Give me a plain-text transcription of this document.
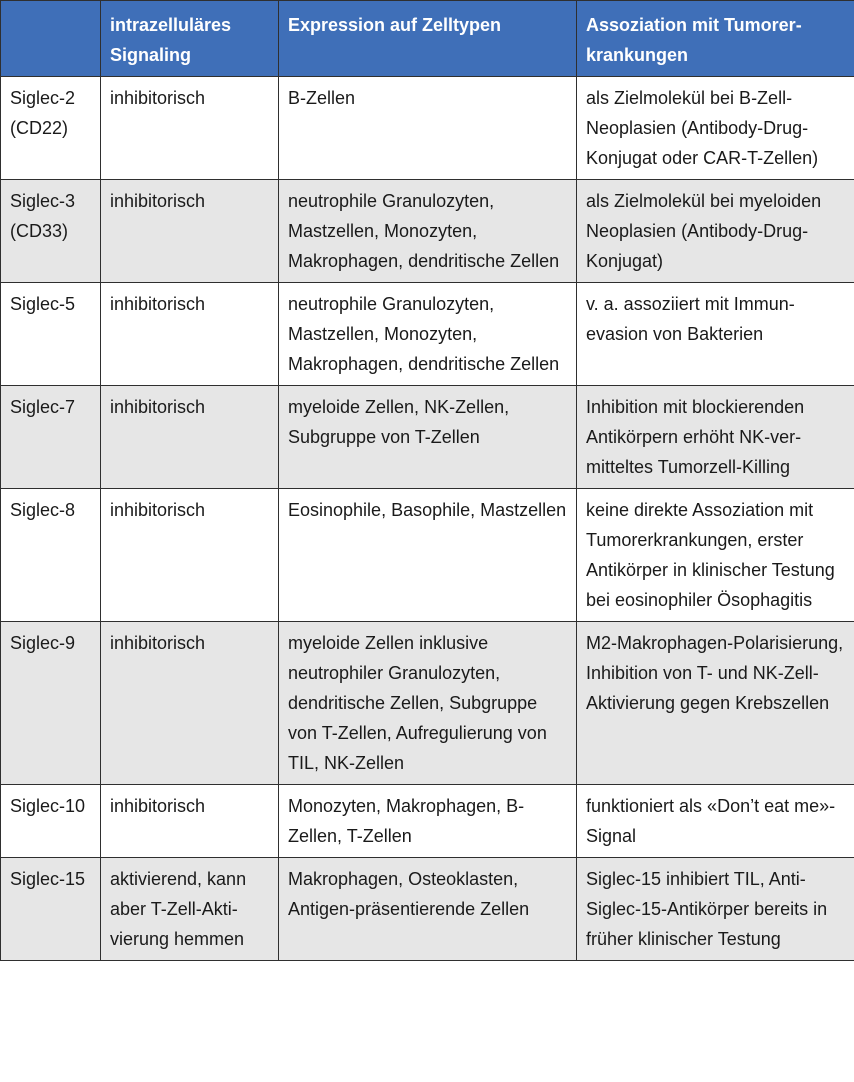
	intrazelluläres Signaling	Expression auf Zelltypen	Assoziation mit Tumorerkrankungen
Siglec-2 (CD22)	inhibitorisch	B-Zellen	als Zielmolekül bei B-Zell-Neoplasien (Antibody-Drug-Konjugat oder CAR-T-Zellen)
Siglec-3 (CD33)	inhibitorisch	neutrophile Granulozyten, Mastzellen, Monozyten, Makrophagen, dendritische Zellen	als Zielmolekül bei myeloiden Neoplasien (Antibody-Drug-Konjugat)
Siglec-5	inhibitorisch	neutrophile Granulozyten, Mastzellen, Monozyten, Makrophagen, dendritische Zellen	v. a. assoziiert mit Immunevasion von Bakterien
Siglec-7	inhibitorisch	myeloide Zellen, NK-Zellen, Subgruppe von T-Zellen	Inhibition mit blockierenden Antikörpern erhöht NK-vermitteltes Tumorzell-Killing
Siglec-8	inhibitorisch	Eosinophile, Basophile, Mastzellen	keine direkte Assoziation mit Tumorerkrankungen, erster Antikörper in klinischer Testung bei eosinophiler Ösophagitis
Siglec-9	inhibitorisch	myeloide Zellen inklusive neutrophiler Granulozyten, dendritische Zellen, Subgruppe von T-Zellen, Aufregulierung von TIL, NK-Zellen	M2-Makrophagen-Polarisierung, Inhibition von T- und NK-Zell-Aktivierung gegen Krebszellen
Siglec-10	inhibitorisch	Monozyten, Makrophagen, B-Zellen, T-Zellen	funktioniert als «Don’t eat me»-Signal
Siglec-15	aktivierend, kann aber T-Zell-Aktivierung hemmen	Makrophagen, Osteoklasten, Antigen-präsentierende Zellen	Siglec-15 inhibiert TIL, Anti-Siglec-15-Antikörper bereits in früher klinischer Testung
